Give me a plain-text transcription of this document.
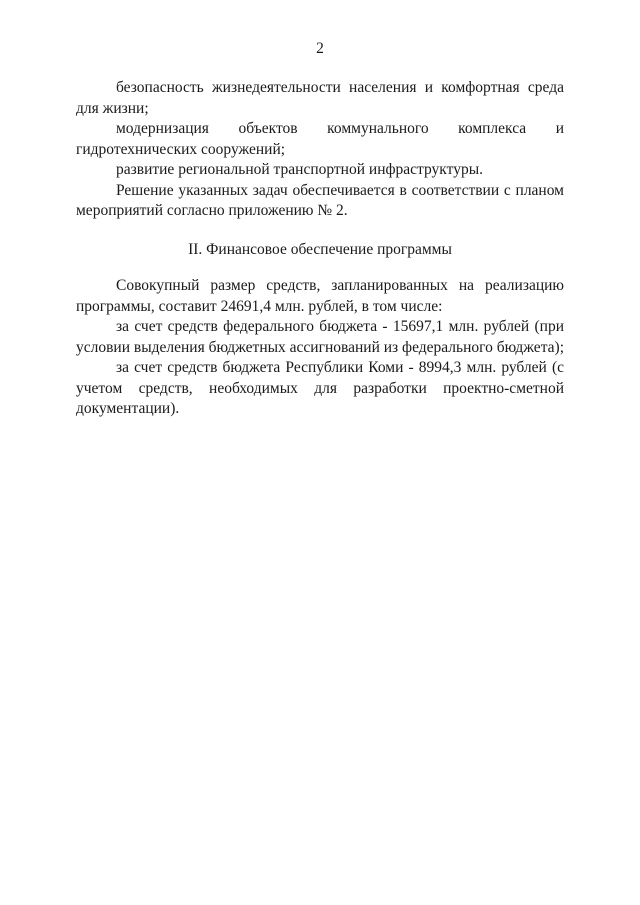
2

безопасность жизнедеятельности населения и комфортная среда для жизни;

модернизация объектов коммунального комплекса и гидротехнических сооружений;

развитие региональной транспортной инфраструктуры.

Решение указанных задач обеспечивается в соответствии с планом мероприятий согласно приложению № 2.

II. Финансовое обеспечение программы

Совокупный размер средств, запланированных на реализацию программы, составит 24691,4 млн. рублей, в том числе:

за счет средств федерального бюджета - 15697,1 млн. рублей (при условии выделения бюджетных ассигнований из федерального бюджета);

за счет средств бюджета Республики Коми - 8994,3 млн. рублей (с учетом средств, необходимых для разработки проектно-сметной документации).
